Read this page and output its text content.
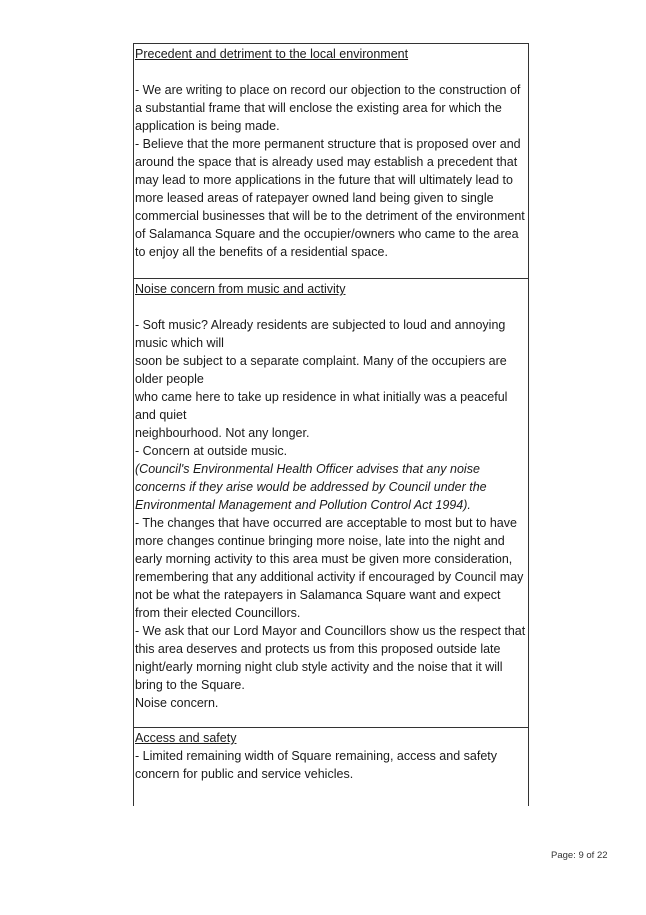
Precedent and detriment to the local environment

- We are writing to place on record our objection to the construction of a substantial frame that will enclose the existing area for which the application is being made.

- Believe that the more permanent structure that is proposed over and around the space that is already used may establish a precedent that may lead to more applications in the future that will ultimately lead to more leased areas of ratepayer owned land being given to single commercial businesses that will be to the detriment of the environment of Salamanca Square and the occupier/owners who came to the area to enjoy all the benefits of a residential space.

Noise concern from music and activity

- Soft music? Already residents are subjected to loud and annoying music which will

soon be subject to a separate complaint. Many of the occupiers are older people

who came here to take up residence in what initially was a peaceful and quiet

neighbourhood. Not any longer.

- Concern at outside music.

(Council's Environmental Health Officer advises that any noise concerns if they arise would be addressed by Council under the Environmental Management and Pollution Control Act 1994).

- The changes that have occurred are acceptable to most but to have more changes continue bringing more noise, late into the night and early morning activity to this area must be given more consideration, remembering that any additional activity if encouraged by Council may not be what the ratepayers in Salamanca Square want and expect from their elected Councillors.

- We ask that our Lord Mayor and Councillors show us the respect that this area deserves and protects us from this proposed outside late night/early morning night club style activity and the noise that it will bring to the Square.

Noise concern.

Access and safety

- Limited remaining width of Square remaining, access and safety concern for public and service vehicles.

Page: 9 of 22
